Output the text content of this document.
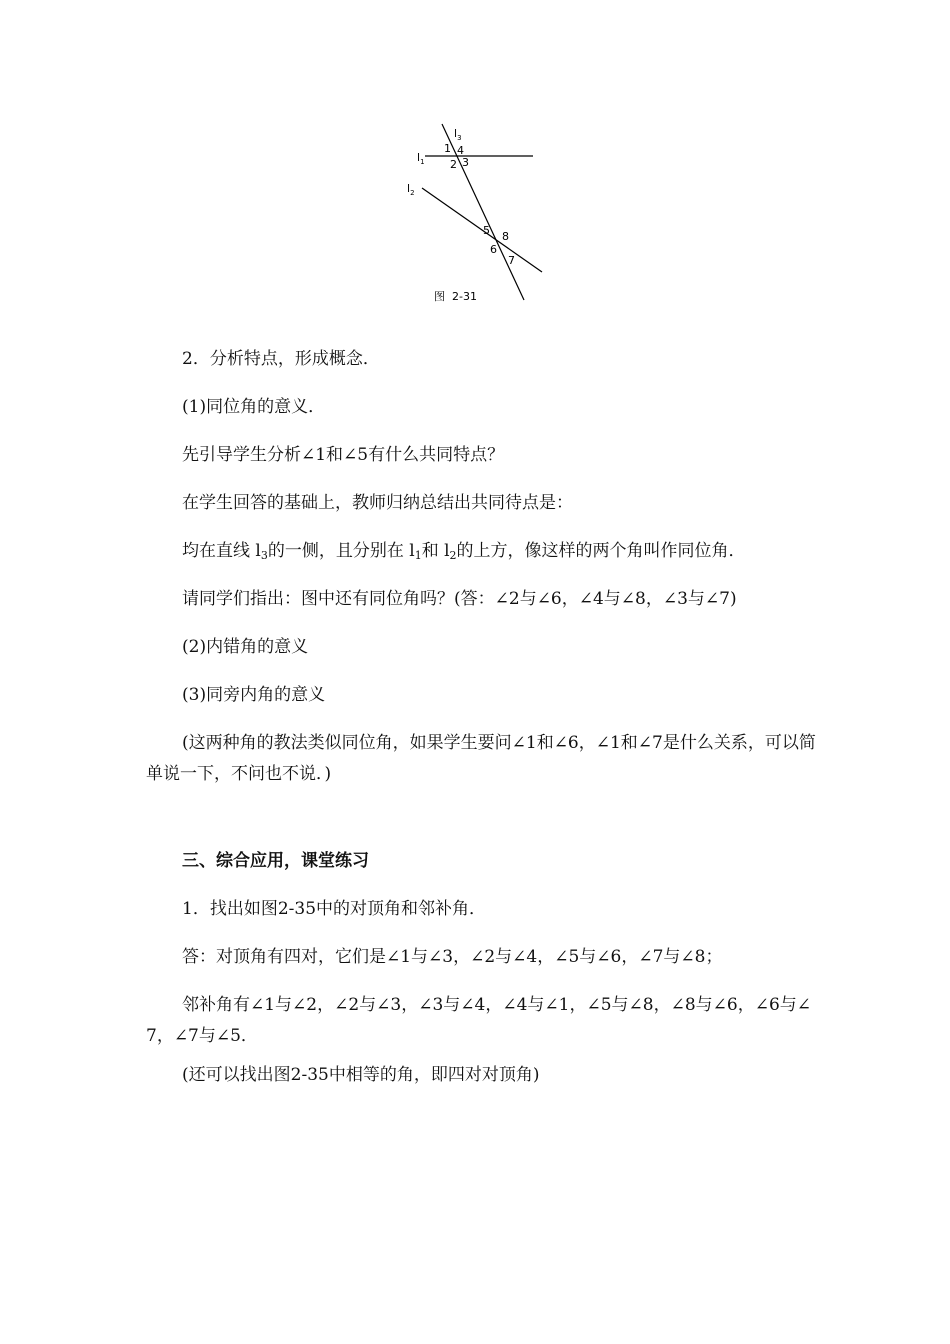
$l_3$
$l_1$
$l_2$
1 4
2 3
5 8
6
7
图  2-31
2．分析特点，形成概念．
(1)同位角的意义．
先引导学生分析∠1和∠5有什么共同特点？
在学生回答的基础上，教师归纳总结出共同待点是：
均在直线 $l_3$的一侧，且分别在 $l_1$和 $l_2$的上方，像这样的两个角叫作同位角．
请同学们指出：图中还有同位角吗？(答：∠2与∠6，∠4与∠8，∠3与∠7)
(2)内错角的意义
(3)同旁内角的意义
(这两种角的教法类似同位角，如果学生要问∠1和∠6，∠1和∠7是什么关系，可以简单说一下，不问也不说．)
三、综合应用，课堂练习
1．找出如图2-35中的对顶角和邻补角．
答：对顶角有四对，它们是∠1与∠3，∠2与∠4，∠5与∠6，∠7与∠8；
邻补角有∠1与∠2，∠2与∠3，∠3与∠4，∠4与∠1，∠5与∠8，∠8与∠6，∠6与∠7，∠7与∠5．
(还可以找出图2-35中相等的角，即四对对顶角)
